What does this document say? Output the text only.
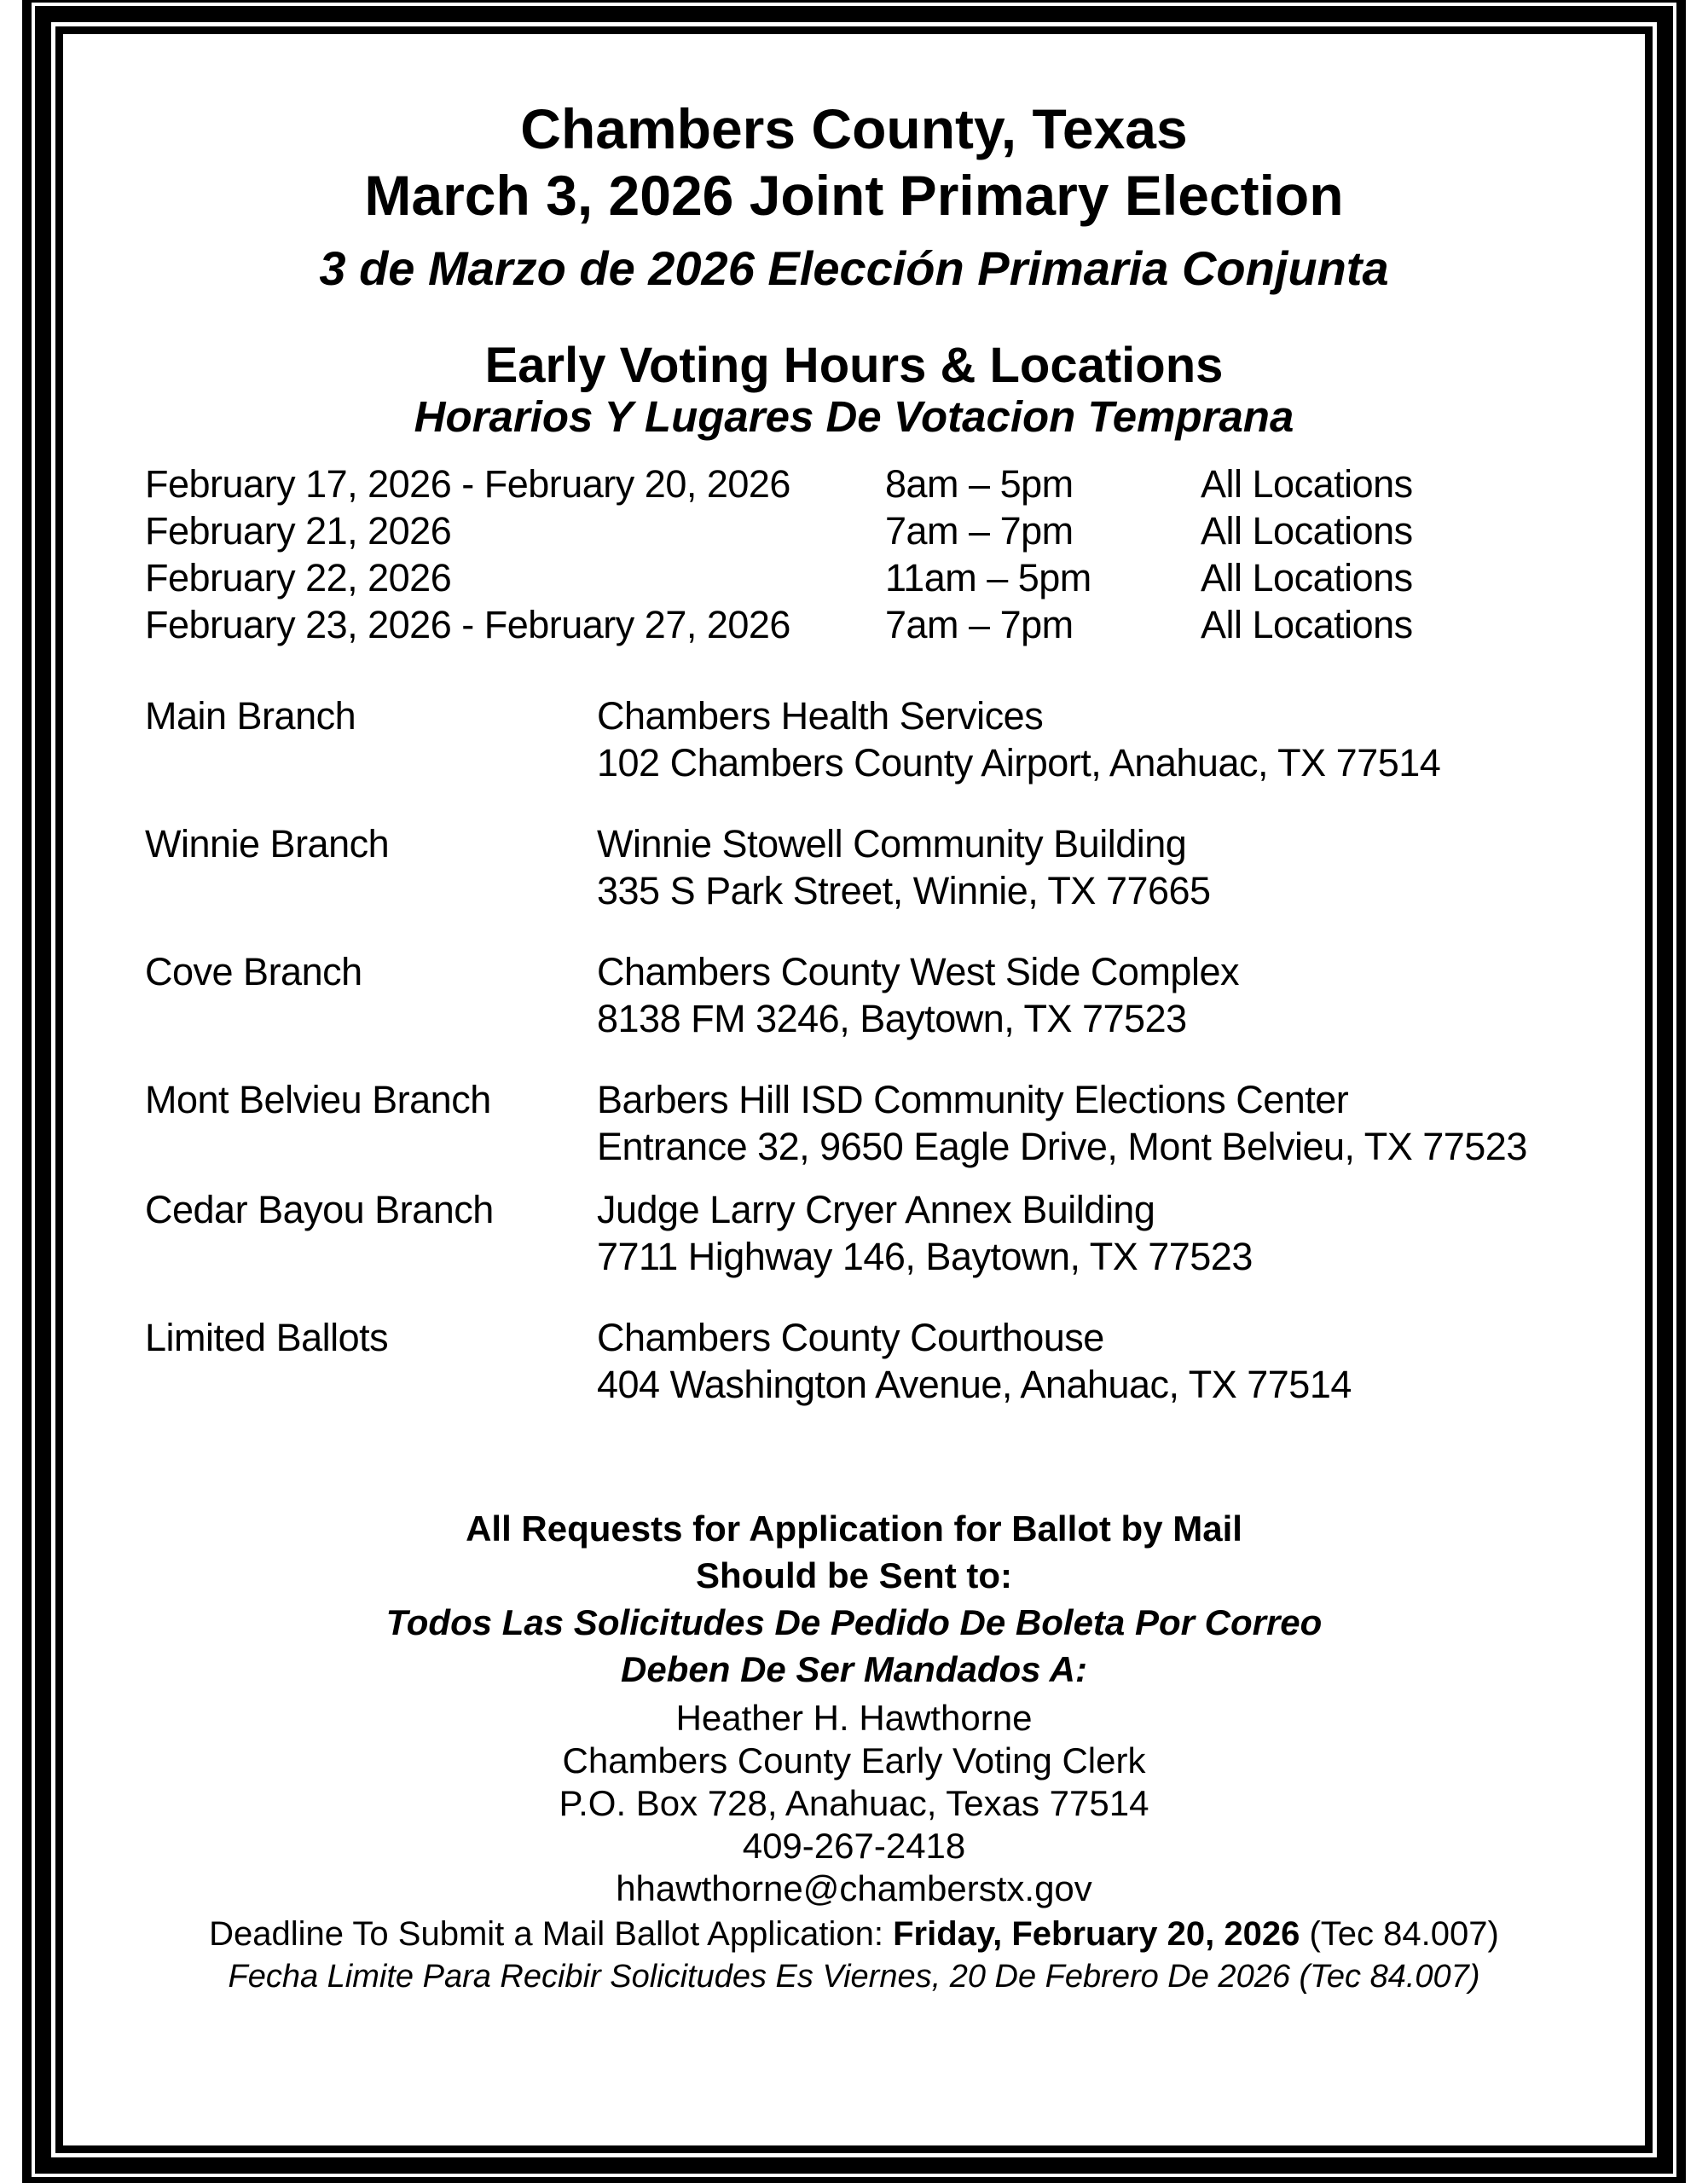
Chambers County, Texas
March 3, 2026 Joint Primary Election
3 de Marzo de 2026 Elección Primaria Conjunta
Early Voting Hours & Locations
Horarios Y Lugares De Votacion Temprana
February 17, 2026 - February 20, 2026	8am – 5pm	All Locations
February 21, 2026	7am – 7pm	All Locations
February 22, 2026	11am – 5pm	All Locations
February 23, 2026 - February 27, 2026	7am – 7pm	All Locations
Main Branch	Chambers Health Services
102 Chambers County Airport, Anahuac, TX 77514
Winnie Branch	Winnie Stowell Community Building
335 S Park Street, Winnie, TX 77665
Cove Branch	Chambers County West Side Complex
8138 FM 3246, Baytown, TX 77523
Mont Belvieu Branch	Barbers Hill ISD Community Elections Center
Entrance 32, 9650 Eagle Drive, Mont Belvieu, TX 77523
Cedar Bayou Branch	Judge Larry Cryer Annex Building
7711 Highway 146, Baytown, TX 77523
Limited Ballots	Chambers County Courthouse
404 Washington Avenue, Anahuac, TX 77514
All Requests for Application for Ballot by Mail
Should be Sent to:
Todos Las Solicitudes De Pedido De Boleta Por Correo
Deben De Ser Mandados A:
Heather H. Hawthorne
Chambers County Early Voting Clerk
P.O. Box 728, Anahuac, Texas 77514
409-267-2418
hhawthorne@chamberstx.gov
Deadline To Submit a Mail Ballot Application: Friday, February 20, 2026 (Tec 84.007)
Fecha Limite Para Recibir Solicitudes Es Viernes, 20 De Febrero De 2026 (Tec 84.007)
